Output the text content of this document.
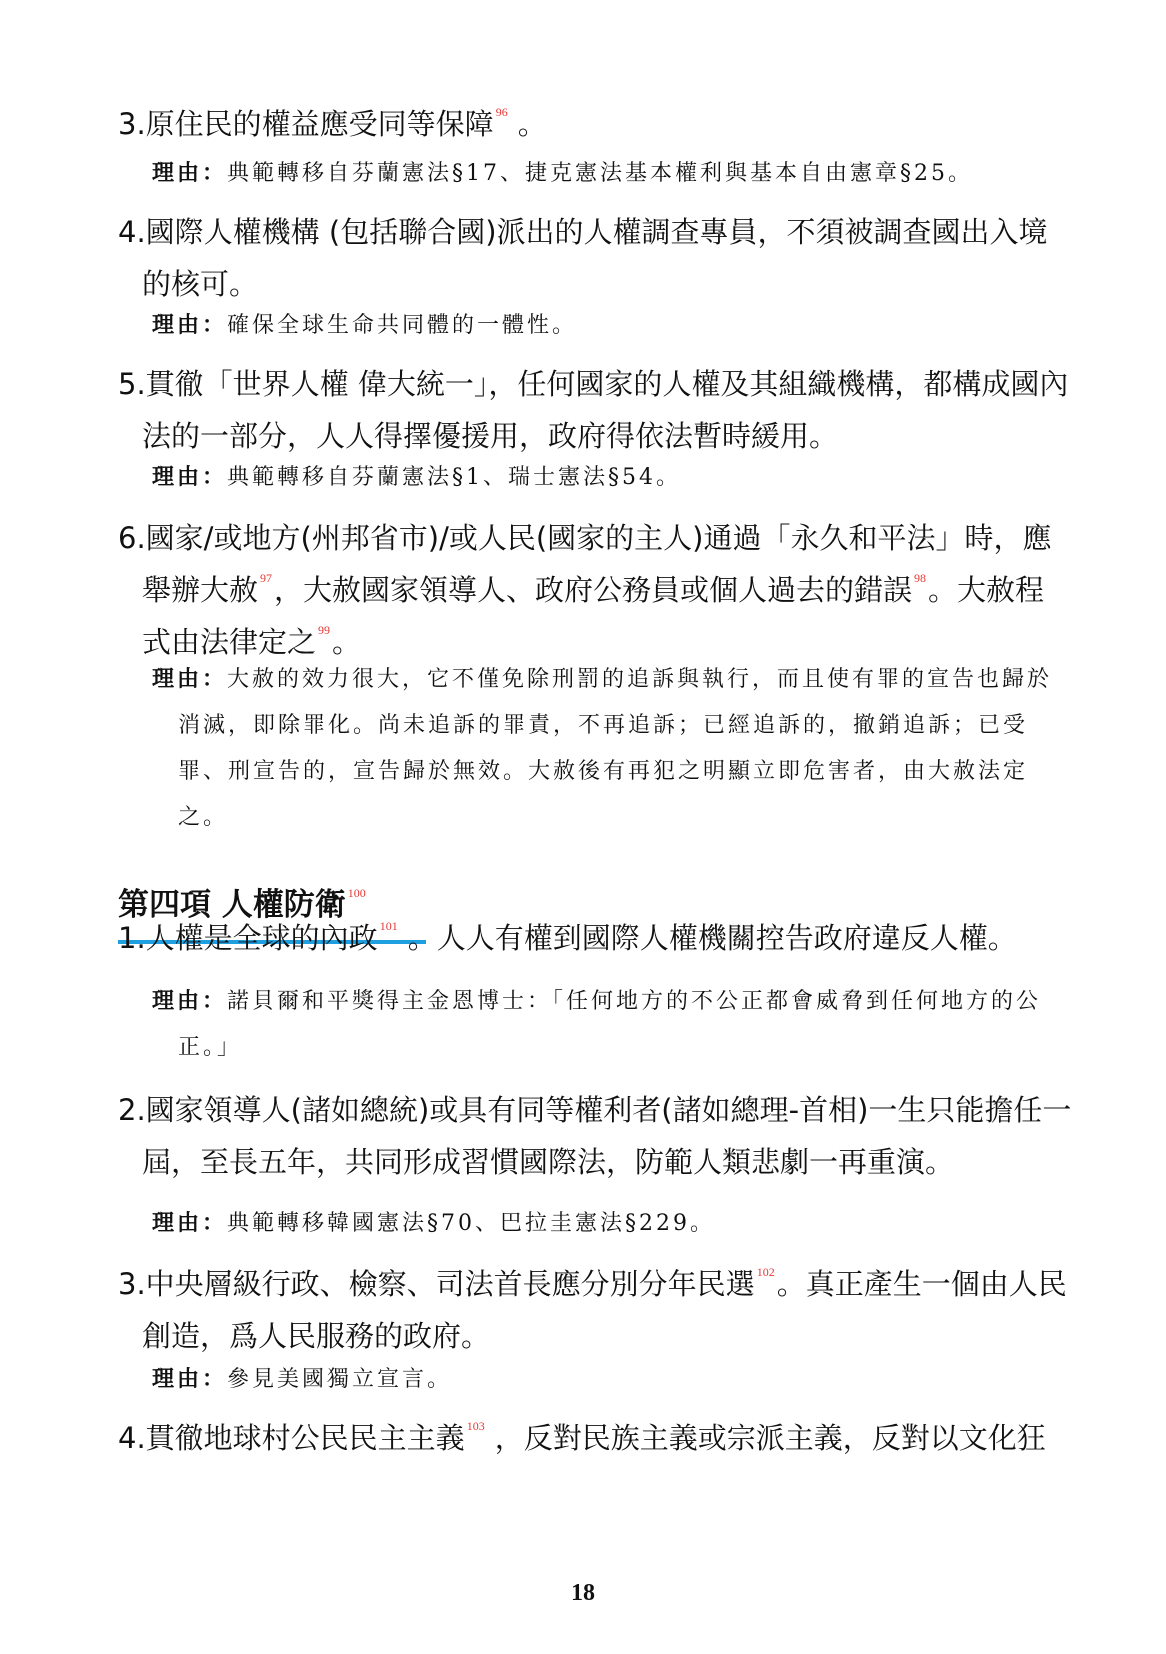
3.原住民的權益應受同等保障 $^{96}$ 。

理由：典範轉移自芬蘭憲法§17、捷克憲法基本權利與基本自由憲章§25。

4.國際人權機構 (包括聯合國)派出的人權調查專員，不須被調查國出入境的核可。

理由：確保全球生命共同體的一體性。

5.貫徹「世界人權 偉大統一」，任何國家的人權及其組織機構，都構成國內法的一部分，人人得擇優援用，政府得依法暫時緩用。

理由：典範轉移自芬蘭憲法§1、瑞士憲法§54。

6.國家/或地方(州邦省市)/或人民(國家的主人)通過「永久和平法」時，應舉辦大赦 $^{97}$，大赦國家領導人、政府公務員或個人過去的錯誤 $^{98}$。大赦程式由法律定之 $^{99}$。

理由：大赦的效力很大，它不僅免除刑罰的追訴與執行，而且使有罪的宣告也歸於消滅，即除罪化。尚未追訴的罪責，不再追訴；已經追訴的，撤銷追訴；已受罪、刑宣告的，宣告歸於無效。大赦後有再犯之明顯立即危害者，由大赦法定之。

第四項 人權防衛 $^{100}$

1.人權是全球的內政 $^{101}$ 。人人有權到國際人權機關控告政府違反人權。

理由：諾貝爾和平獎得主金恩博士：「任何地方的不公正都會威脅到任何地方的公正。」

2.國家領導人(諸如總統)或具有同等權利者(諸如總理-首相)一生只能擔任一屆，至長五年，共同形成習慣國際法，防範人類悲劇一再重演。

理由：典範轉移韓國憲法§70、巴拉圭憲法§229。

3.中央層級行政、檢察、司法首長應分別分年民選 $^{102}$。真正產生一個由人民創造，爲人民服務的政府。

理由：參見美國獨立宣言。

4.貫徹地球村公民民主主義 $^{103}$ ，反對民族主義或宗派主義，反對以文化狂

18
